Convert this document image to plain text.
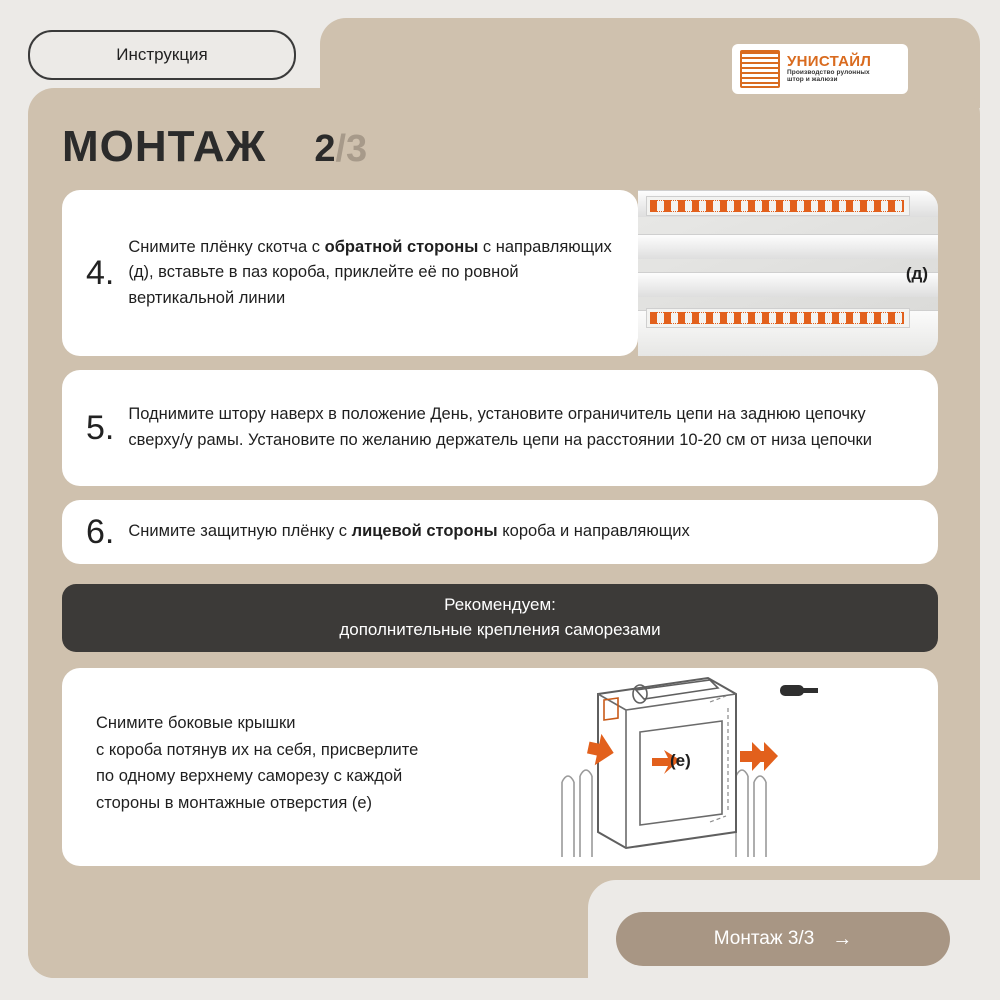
Инструкция	УНИСТАЙЛ
Производство рулонных
штор и жалюзи
МОНТАЖ 2/3
4.
Снимите плёнку скотча с обратной стороны с направляющих (д), вставьте в паз короба, приклейте её по ровной вертикальной линии
(д)
5. Поднимите штору наверх в положение День, установите ограничитель цепи на заднюю цепочку сверху/у рамы. Установите по желанию держатель цепи на расстоянии 10-20 см от низа цепочки
6. Снимите защитную плёнку с лицевой стороны короба и направляющих
Рекомендуем:
дополнительные крепления саморезами
Снимите боковые крышки
с короба потянув их на себя, присверлите
по одному верхнему саморезу с каждой
стороны в монтажные отверстия (е)
(е)
Монтаж 3/3 →
